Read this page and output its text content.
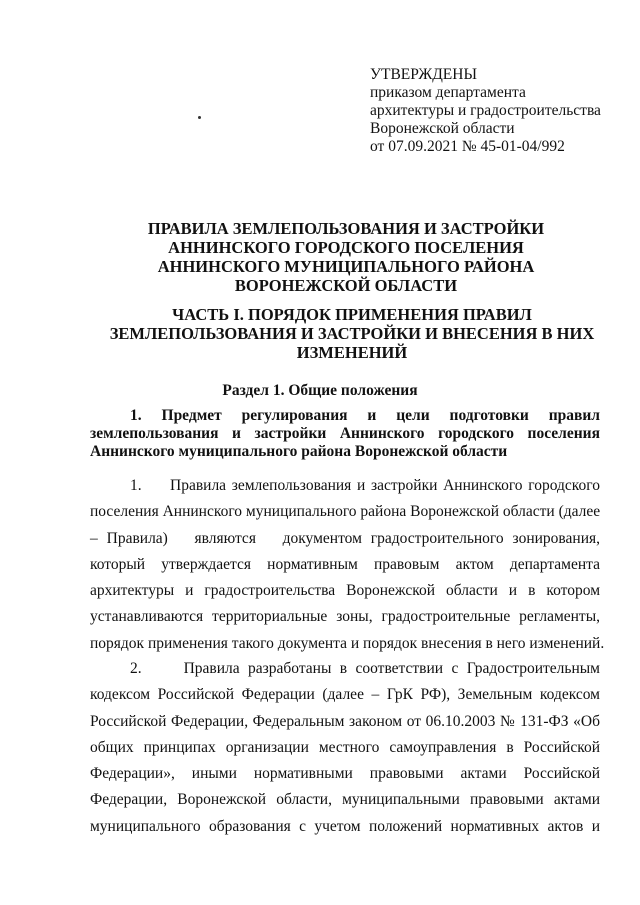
УТВЕРЖДЕНЫ
приказом департамента
архитектуры и градостроительства
Воронежской области
от 07.09.2021 № 45-01-04/992
ПРАВИЛА ЗЕМЛЕПОЛЬЗОВАНИЯ И ЗАСТРОЙКИ
АННИНСКОГО ГОРОДСКОГО ПОСЕЛЕНИЯ
АННИНСКОГО МУНИЦИПАЛЬНОГО РАЙОНА
ВОРОНЕЖСКОЙ ОБЛАСТИ
ЧАСТЬ I. ПОРЯДОК ПРИМЕНЕНИЯ ПРАВИЛ
ЗЕМЛЕПОЛЬЗОВАНИЯ И ЗАСТРОЙКИ И ВНЕСЕНИЯ В НИХ
ИЗМЕНЕНИЙ
Раздел 1. Общие положения
1.    Предмет    регулирования    и    цели    подготовки    правил
землепользования и застройки Аннинского городского поселения
Аннинского муниципального района Воронежской области
1.     Правила землепользования и застройки Аннинского городского
поселения Аннинского муниципального района Воронежской области (далее
– Правила)   являются   документом градостроительного зонирования,
который утверждается нормативным правовым актом департамента
архитектуры и градостроительства Воронежской области и в котором
устанавливаются территориальные зоны, градостроительные регламенты,
порядок применения такого документа и порядок внесения в него изменений.
2.     Правила разработаны в соответствии с Градостроительным
кодексом Российской Федерации (далее – ГрК РФ), Земельным кодексом
Российской Федерации, Федеральным законом от 06.10.2003 № 131-ФЗ «Об
общих принципах организации местного самоуправления в Российской
Федерации», иными нормативными правовыми актами Российской
Федерации, Воронежской области, муниципальными правовыми актами
муниципального образования с учетом положений нормативных актов и
